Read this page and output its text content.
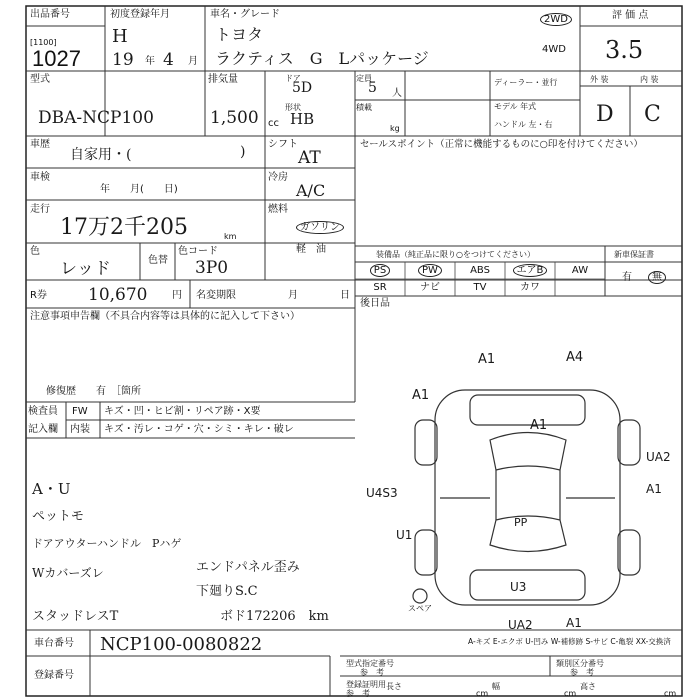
出品番号
[1100]
1027
初度登録年月
H
19 年 4 月
車名・グレード
トヨタ
ラクティス　G　Lパッケージ
2WD
4WD
評 価 点
3.5
型式
DBA-NCP100
排気量
1,500 cc
ドア
5D
定員
5 人
形状
HB
積載
kg
ディーラー・並行
モデル 年式
ハンドル 左・右
外 装	内 装
D C
車歴
自家用・(	) シフト
AT
車検
年　　月(　　日)
冷房
A/C
走行
17万2千205	km
燃料
ガソリン
軽　油
色
レッド	色替
色コード
3P0
R券 10,670 円 名変期限	月	日
セールスポイント（正常に機能するものに○印を付けてください）
装備品（純正品に限り○をつけてください）	新車保証書
有	無
PS	PW	ABS	エアB	AW
SR	ナビ	TV	カワ
後日品
注意事項申告欄（不具合内容等は具体的に記入して下さい）
修復歴　　有　［箇所
検査員
記入欄
FW キズ・凹・ヒビ割・リペア跡・X要
内装 キズ・汚レ・コゲ・穴・シミ・キレ・破レ
A・U
ペットモ
ドアアウターハンドル　Pハゲ
Wカバーズレ	エンドパネル歪み
下廻りS.C
ボド172206　km
スタッドレスT
A1	A4
A1
A1
UA2
A1
U4S3
U1
PP
U3
UA2	A1
スペア
A-キズ E-エクボ U-凹み W-補修跡 S-サビ C-亀裂 XX-交換済
車台番号 NCP100-0080822
登録番号
型式指定番号
参　考
類別区分番号
参　考
登録証明用
参　考
長さ
cm
幅
cm
高さ
cm
